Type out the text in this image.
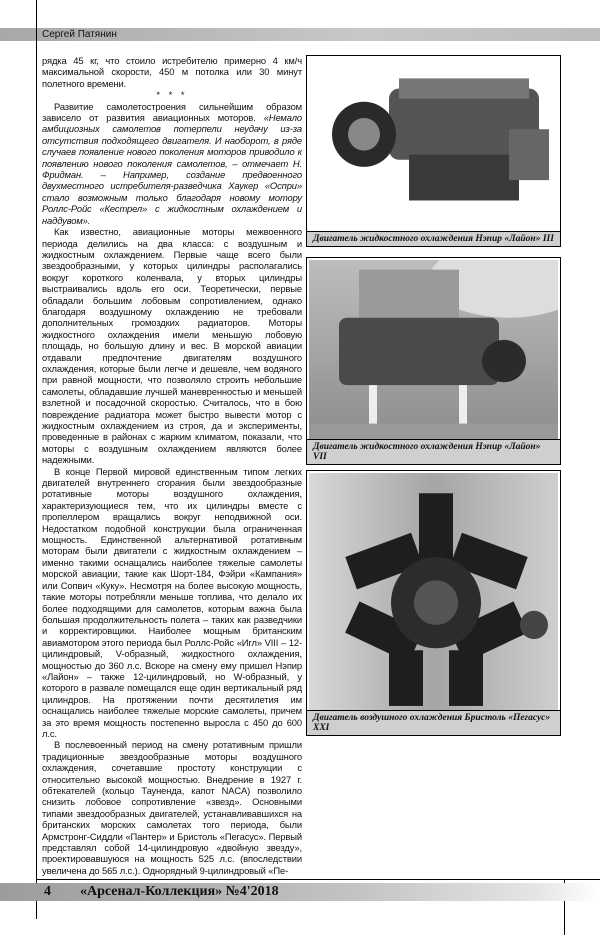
Сергей Патянин

рядка 45 кг, что стоило истребителю примерно 4 км/ч максимальной скорости, 450 м потолка или 30 минут полетного времени.

* * *

Развитие самолетостроения сильнейшим образом зависело от развития авиационных моторов. «Немало амбициозных самолетов потерпели неудачу из-за отсутствия подходящего двигателя. И наоборот, в ряде случаев появление нового поколения моторов приводило к появлению нового поколения самолетов, – отмечает Н. Фридман. – Например, создание предвоенного двухместного истребителя-разведчика Хаукер «Оспри» стало возможным только благодаря новому мотору Роллс-Ройс «Кестрел» с жидкостным охлаждением и наддувом».

Как известно, авиационные моторы межвоенного периода делились на два класса: с воздушным и жидкостным охлаждением. Первые чаще всего были звездообразными, у которых цилиндры располагались вокруг короткого коленвала, у вторых цилиндры выстраивались вдоль его оси. Теоретически, первые обладали большим лобовым сопротивлением, однако благодаря воздушному охлаждению не требовали дополнительных громоздких радиаторов. Моторы жидкостного охлаждения имели меньшую лобовую площадь, но большую длину и вес. В морской авиации отдавали предпочтение двигателям воздушного охлаждения, которые были легче и дешевле, чем водяного при равной мощности, что позволяло строить небольшие самолеты, обладавшие лучшей маневренностью и меньшей взлетной и посадочной скоростью. Считалось, что в бою повреждение радиатора может быстро вывести мотор с жидкостным охлаждением из строя, да и эксперименты, проведенные в районах с жарким климатом, показали, что моторы с воздушным охлаждением являются более надежными.

В конце Первой мировой единственным типом легких двигателей внутреннего сгорания были звездообразные ротативные моторы воздушного охлаждения, характеризующиеся тем, что их цилиндры вместе с пропеллером вращались вокруг неподвижной оси. Недостатком подобной конструкции была ограниченная мощность. Единственной альтернативой ротативным моторам были двигатели с жидкостным охлаждением – именно такими оснащались наиболее тяжелые самолеты морской авиации, такие как Шорт-184, Фэйри «Кампания» или Сопвич «Куку». Несмотря на более высокую мощность, такие моторы потребляли меньше топлива, что делало их более подходящими для самолетов, которым важна была большая продолжительность полета – таких как разведчики и корректировщики. Наиболее мощным британским авиамотором этого периода был Роллс-Ройс «Игл» VIII – 12-цилиндровый, V-образный, жидкостного охлаждения, мощностью до 360 л.с. Вскоре на смену ему пришел Нэпир «Лайон» – также 12-цилиндровый, но W-образный, у которого в развале помещался еще один вертикальный ряд цилиндров. На протяжении почти десятилетия им оснащались наиболее тяжелые морские самолеты, причем за это время мощность постепенно выросла с 450 до 600 л.с.

В послевоенный период на смену ротативным пришли традиционные звездообразные моторы воздушного охлаждения, сочетавшие простоту конструкции с относительно высокой мощностью. Внедрение в 1927 г. обтекателей (кольцо Тауненда, капот NACA) позволило снизить лобовое сопротивление «звезд». Основными типами звездообразных двигателей, устанавливавшихся на британских морских самолетах того периода, были Армстронг-Сиддли «Пантер» и Бристоль «Пегасус». Первый представлял собой 14-цилиндровую «двойную звезду», проектировавшуюся на мощность 525 л.с. (впоследствии увеличена до 565 л.с.). Однорядный 9-цилиндровый «Пе-

Двигатель жидкостного охлаждения Нэпир «Лайон» III
Двигатель жидкостного охлаждения Нэпир «Лайон» VII
Двигатель воздушного охлаждения Бристоль «Пегасус» XXI
4 «Арсенал-Коллекция» №4'2018
